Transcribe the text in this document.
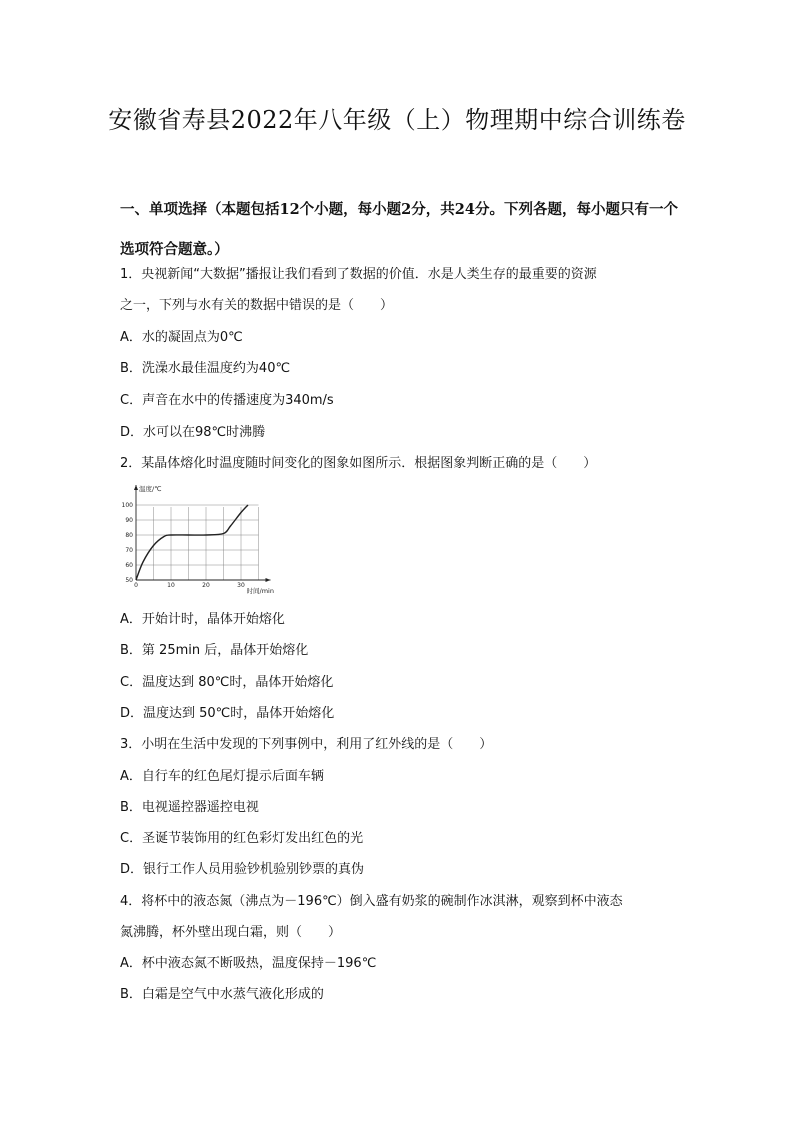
安徽省寿县2022年八年级（上）物理期中综合训练卷
一、单项选择（本题包括12个小题，每小题2分，共24分。下列各题，每小题只有一个选项符合题意。）
1．央视新闻“大数据”播报让我们看到了数据的价值．水是人类生存的最重要的资源
之一，下列与水有关的数据中错误的是（　　）
A．水的凝固点为0℃
B．洗澡水最佳温度约为40℃
C．声音在水中的传播速度为340m/s
D．水可以在98℃时沸腾
2．某晶体熔化时温度随时间变化的图象如图所示．根据图象判断正确的是（　　）
0	10	20	30
50
60
70
80
90
100
温度/℃
时间/min
A．开始计时，晶体开始熔化
B．第 25min 后，晶体开始熔化
C．温度达到 80℃时，晶体开始熔化
D．温度达到 50℃时，晶体开始熔化
3．小明在生活中发现的下列事例中，利用了红外线的是（　　）
A．自行车的红色尾灯提示后面车辆
B．电视遥控器遥控电视
C．圣诞节装饰用的红色彩灯发出红色的光
D．银行工作人员用验钞机验别钞票的真伪
4．将杯中的液态氮（沸点为－196℃）倒入盛有奶浆的碗制作冰淇淋，观察到杯中液态
氮沸腾，杯外壁出现白霜，则（　　）
A．杯中液态氮不断吸热，温度保持－196℃
B．白霜是空气中水蒸气液化形成的
